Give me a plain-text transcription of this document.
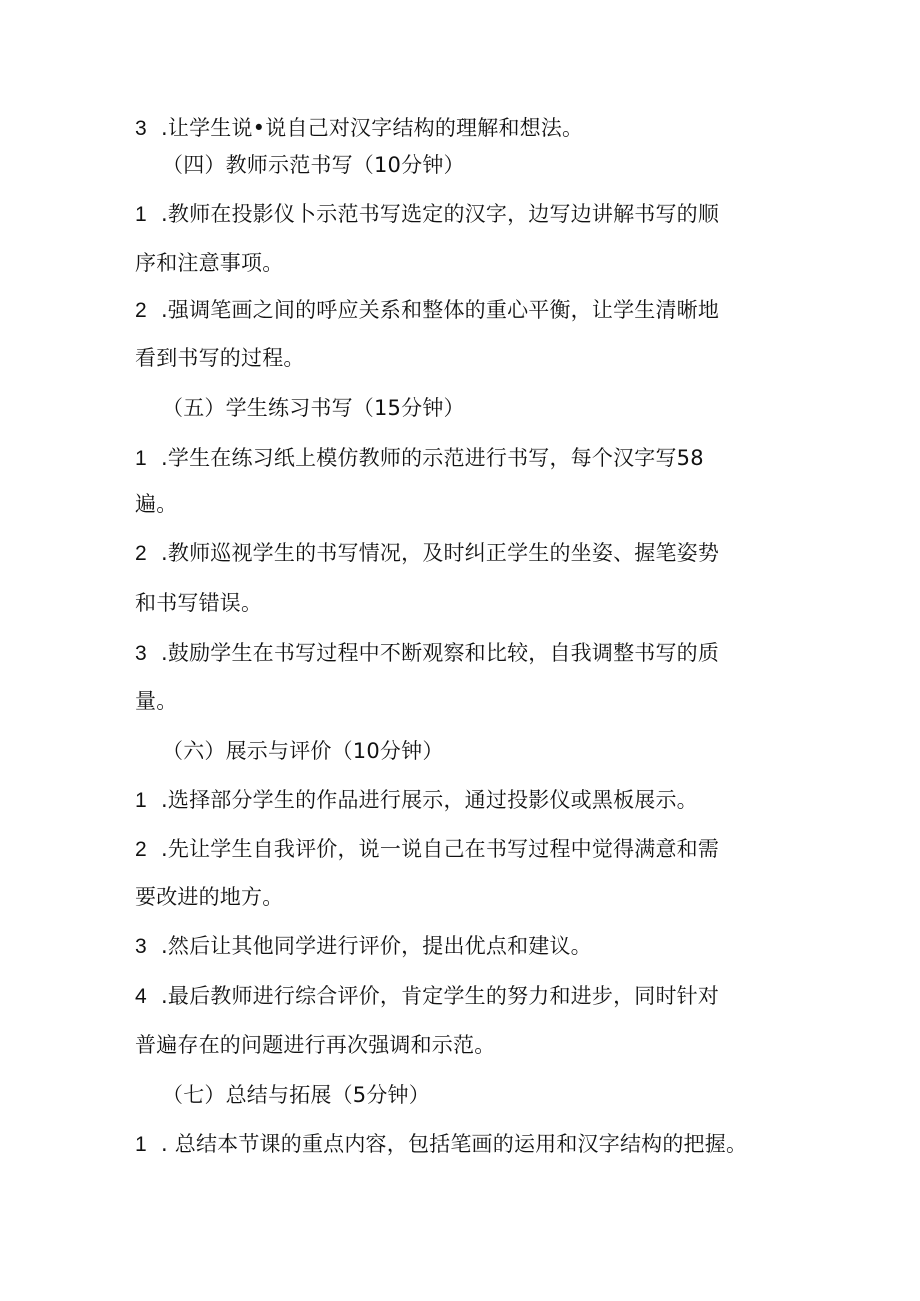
3 .让学生说•说自己对汉字结构的理解和想法。
（四）教师示范书写（10分钟）
1 .教师在投影仪卜示范书写选定的汉字，边写边讲解书写的顺
序和注意事项。
2 .强调笔画之间的呼应关系和整体的重心平衡，让学生清晰地
看到书写的过程。
（五）学生练习书写（15分钟）
1 .学生在练习纸上模仿教师的示范进行书写，每个汉字写58
遍。
2 .教师巡视学生的书写情况，及时纠正学生的坐姿、握笔姿势
和书写错误。
3 .鼓励学生在书写过程中不断观察和比较，自我调整书写的质
量。
（六）展示与评价（10分钟）
1 .选择部分学生的作品进行展示，通过投影仪或黑板展示。
2 .先让学生自我评价，说一说自己在书写过程中觉得满意和需
要改进的地方。
3 .然后让其他同学进行评价，提出优点和建议。
4 .最后教师进行综合评价，肯定学生的努力和进步，同时针对
普遍存在的问题进行再次强调和示范。
（七）总结与拓展（5分钟）
1 . 总结本节课的重点内容，包括笔画的运用和汉字结构的把握。
